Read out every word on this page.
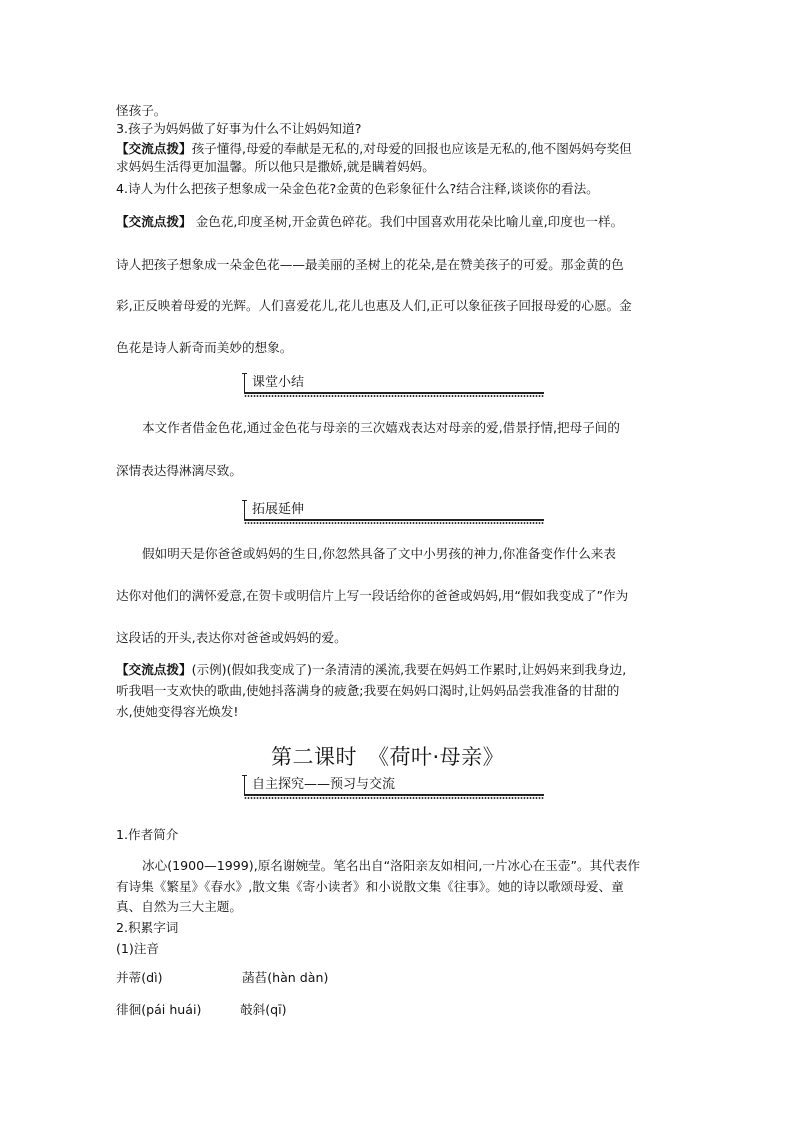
怪孩子。
3.孩子为妈妈做了好事为什么不让妈妈知道?
【交流点拨】孩子懂得,母爱的奉献是无私的,对母爱的回报也应该是无私的,他不图妈妈夸奖但
求妈妈生活得更加温馨。所以他只是撒娇,就是瞒着妈妈。
4.诗人为什么把孩子想象成一朵金色花?金黄的色彩象征什么?结合注释,谈谈你的看法。
【交流点拨】 金色花,印度圣树,开金黄色碎花。我们中国喜欢用花朵比喻儿童,印度也一样。
诗人把孩子想象成一朵金色花——最美丽的圣树上的花朵,是在赞美孩子的可爱。那金黄的色
彩,正反映着母爱的光辉。人们喜爱花儿,花儿也惠及人们,正可以象征孩子回报母爱的心愿。金
色花是诗人新奇而美妙的想象。
课堂小结
本文作者借金色花,通过金色花与母亲的三次嬉戏表达对母亲的爱,借景抒情,把母子间的
深情表达得淋漓尽致。
拓展延伸
假如明天是你爸爸或妈妈的生日,你忽然具备了文中小男孩的神力,你准备变作什么来表
达你对他们的满怀爱意,在贺卡或明信片上写一段话给你的爸爸或妈妈,用“假如我变成了”作为
这段话的开头,表达你对爸爸或妈妈的爱。
【交流点拨】(示例)(假如我变成了)一条清清的溪流,我要在妈妈工作累时,让妈妈来到我身边,
听我唱一支欢快的歌曲,使她抖落满身的疲惫;我要在妈妈口渴时,让妈妈品尝我准备的甘甜的
水,使她变得容光焕发!
第二课时　《荷叶·母亲》
自主探究——预习与交流
1.作者简介
冰心(1900—1999),原名谢婉莹。笔名出自“洛阳亲友如相问,一片冰心在玉壶”。其代表作
有诗集《繁星》《春水》,散文集《寄小读者》和小说散文集《往事》。她的诗以歌颂母爱、童
真、自然为三大主题。
2.积累字词
(1)注音
并蒂(dì)	菡萏(hàn dàn)
徘徊(pái huái)	攲斜(qī)
